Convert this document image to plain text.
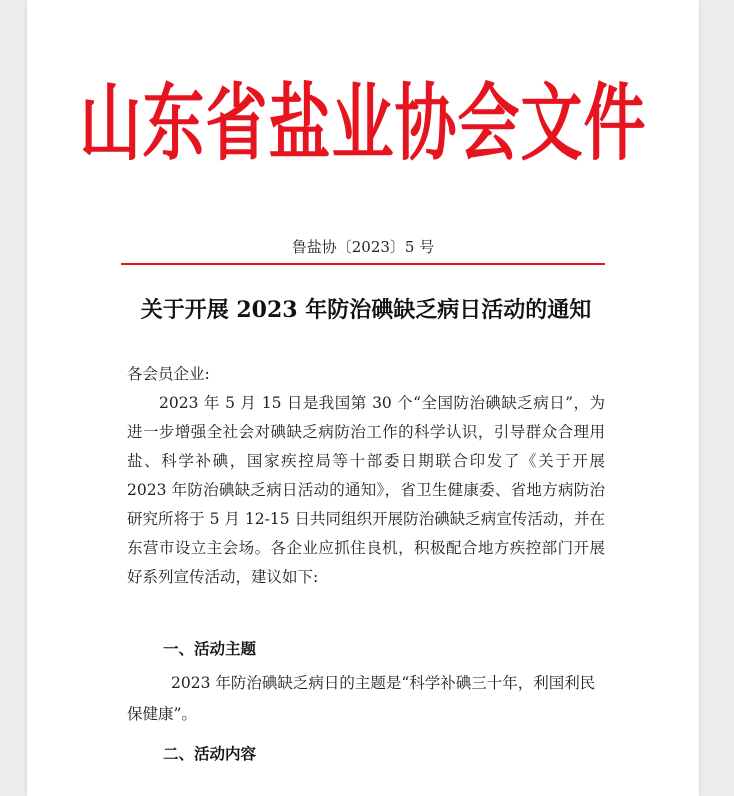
山东省盐业协会文件
鲁盐协〔2023〕5 号
关于开展 2023 年防治碘缺乏病日活动的通知
各会员企业:
2023 年 5 月 15 日是我国第 30 个“全国防治碘缺乏病日”，为进一步增强全社会对碘缺乏病防治工作的科学认识，引导群众合理用盐、科学补碘，国家疾控局等十部委日期联合印发了《关于开展 2023 年防治碘缺乏病日活动的通知》，省卫生健康委、省地方病防治研究所将于 5 月 12-15 日共同组织开展防治碘缺乏病宣传活动，并在东营市设立主会场。各企业应抓住良机，积极配合地方疾控部门开展好系列宣传活动，建议如下:
一、活动主题
2023 年防治碘缺乏病日的主题是“科学补碘三十年，利国利民保健康”。
二、活动内容
